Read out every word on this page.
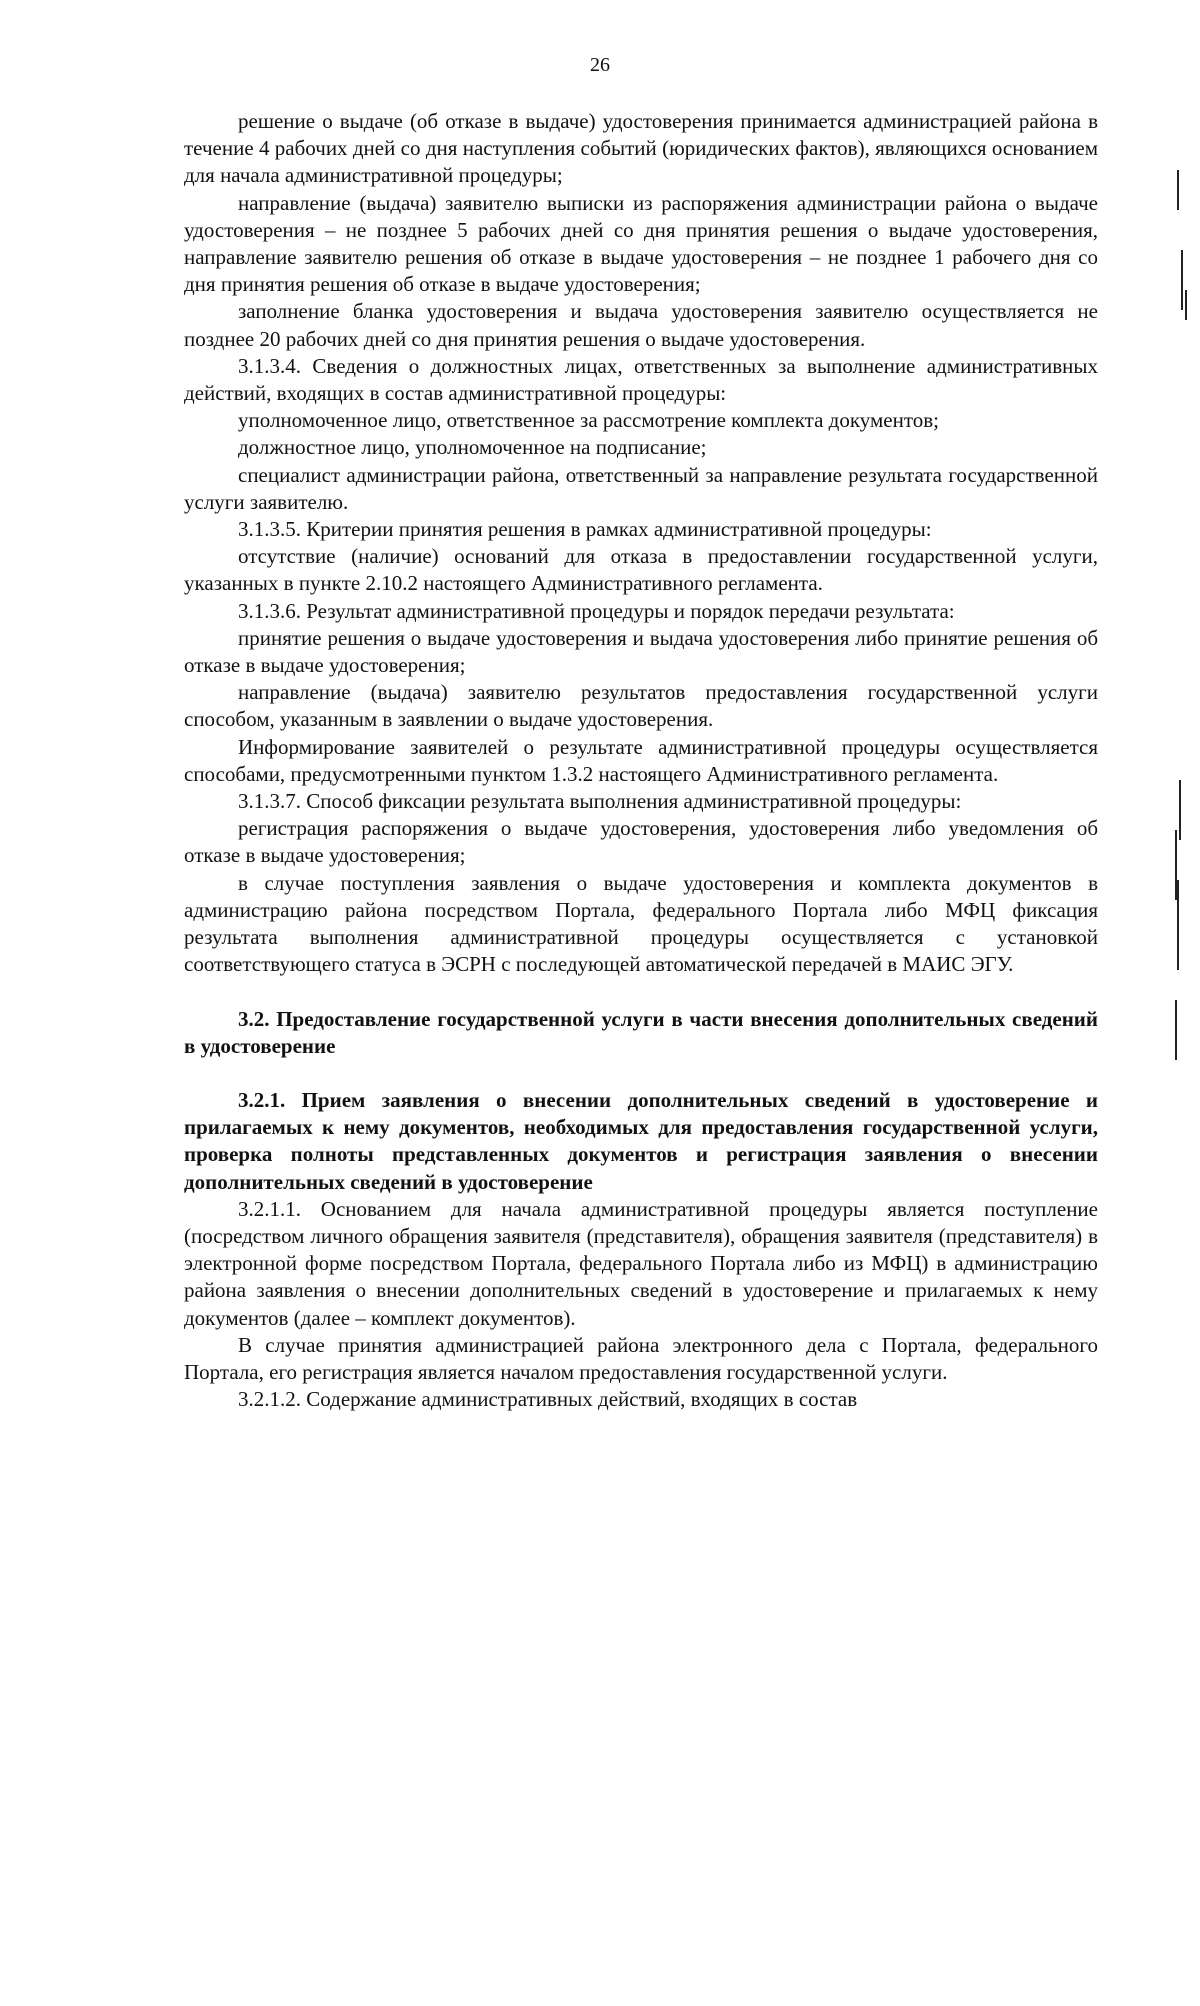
26

решение о выдаче (об отказе в выдаче) удостоверения принимается администрацией района в течение 4 рабочих дней со дня наступления событий (юридических фактов), являющихся основанием для начала административной процедуры;

направление (выдача) заявителю выписки из распоряжения администрации района о выдаче удостоверения – не позднее 5 рабочих дней со дня принятия решения о выдаче удостоверения, направление заявителю решения об отказе в выдаче удостоверения – не позднее 1 рабочего дня со дня принятия решения об отказе в выдаче удостоверения;

заполнение бланка удостоверения и выдача удостоверения заявителю осуществляется не позднее 20 рабочих дней со дня принятия решения о выдаче удостоверения.

3.1.3.4. Сведения о должностных лицах, ответственных за выполнение административных действий, входящих в состав административной процедуры:

уполномоченное лицо, ответственное за рассмотрение комплекта документов;

должностное лицо, уполномоченное на подписание;

специалист администрации района, ответственный за направление результата государственной услуги заявителю.

3.1.3.5. Критерии принятия решения в рамках административной процедуры:

отсутствие (наличие) оснований для отказа в предоставлении государственной услуги, указанных в пункте 2.10.2 настоящего Административного регламента.

3.1.3.6. Результат административной процедуры и порядок передачи результата:

принятие решения о выдаче удостоверения и выдача удостоверения либо принятие решения об отказе в выдаче удостоверения;

направление (выдача) заявителю результатов предоставления государственной услуги способом, указанным в заявлении о выдаче удостоверения.

Информирование заявителей о результате административной процедуры осуществляется способами, предусмотренными пунктом 1.3.2 настоящего Административного регламента.

3.1.3.7. Способ фиксации результата выполнения административной процедуры:

регистрация распоряжения о выдаче удостоверения, удостоверения либо уведомления об отказе в выдаче удостоверения;

в случае поступления заявления о выдаче удостоверения и комплекта документов в администрацию района посредством Портала, федерального Портала либо МФЦ фиксация результата выполнения административной процедуры осуществляется с установкой соответствующего статуса в ЭСРН с последующей автоматической передачей в МАИС ЭГУ.

3.2. Предоставление государственной услуги в части внесения дополнительных сведений в удостоверение

3.2.1. Прием заявления о внесении дополнительных сведений в удостоверение и прилагаемых к нему документов, необходимых для предоставления государственной услуги, проверка полноты представленных документов и регистрация заявления о внесении дополнительных сведений в удостоверение

3.2.1.1. Основанием для начала административной процедуры является поступление (посредством личного обращения заявителя (представителя), обращения заявителя (представителя) в электронной форме посредством Портала, федерального Портала либо из МФЦ) в администрацию района заявления о внесении дополнительных сведений в удостоверение и прилагаемых к нему документов (далее – комплект документов).

В случае принятия администрацией района электронного дела с Портала, федерального Портала, его регистрация является началом предоставления государственной услуги.

3.2.1.2. Содержание административных действий, входящих в состав
